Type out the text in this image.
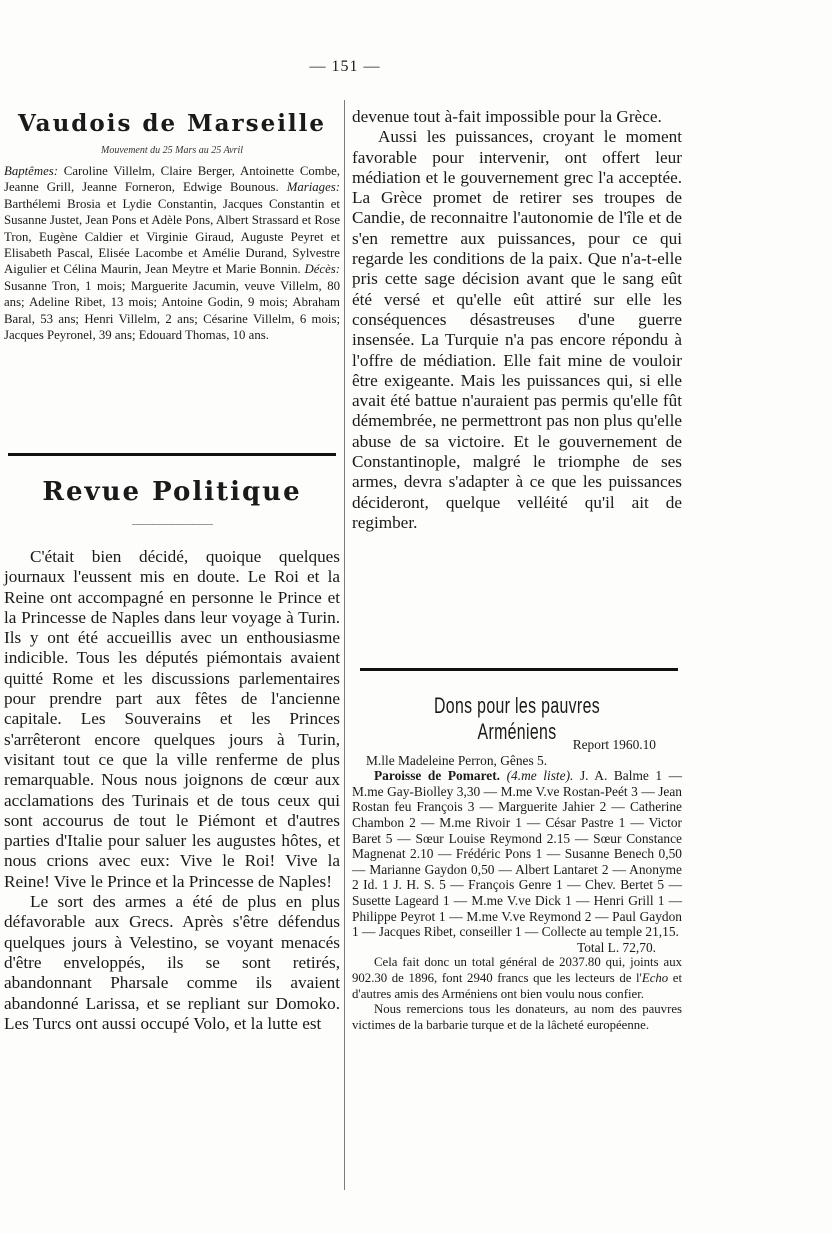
— 151 —
Vaudois de Marseille
Mouvement du 25 Mars au 25 Avril

Baptêmes: Caroline Villelm, Claire Berger, Antoinette Combe, Jeanne Grill, Jeanne Forneron, Edwige Bounous. Mariages: Barthélemi Brosia et Lydie Constantin, Jacques Constantin et Susanne Justet, Jean Pons et Adèle Pons, Albert Strassard et Rose Tron, Eugène Caldier et Virginie Giraud, Auguste Peyret et Elisabeth Pascal, Elisée Lacombe et Amélie Durand, Sylvestre Aigulier et Célina Maurin, Jean Meytre et Marie Bonnin. Décès: Susanne Tron, 1 mois; Marguerite Jacumin, veuve Villelm, 80 ans; Adeline Ribet, 13 mois; Antoine Godin, 9 mois; Abraham Baral, 53 ans; Henri Villelm, 2 ans; Césarine Villelm, 6 mois; Jacques Peyronel, 39 ans; Edouard Thomas, 10 ans.

Revue Politique
————————

C'était bien décidé, quoique quelques journaux l'eussent mis en doute. Le Roi et la Reine ont accompagné en personne le Prince et la Princesse de Naples dans leur voyage à Turin. Ils y ont été accueillis avec un enthousiasme indicible. Tous les députés piémontais avaient quitté Rome et les discussions parlementaires pour prendre part aux fêtes de l'ancienne capitale. Les Souverains et les Princes s'arrêteront encore quelques jours à Turin, visitant tout ce que la ville renferme de plus remarquable. Nous nous joignons de cœur aux acclamations des Turinais et de tous ceux qui sont accourus de tout le Piémont et d'autres parties d'Italie pour saluer les augustes hôtes, et nous crions avec eux: Vive le Roi! Vive la Reine! Vive le Prince et la Princesse de Naples!

Le sort des armes a été de plus en plus défavorable aux Grecs. Après s'être défendus quelques jours à Velestino, se voyant menacés d'être enveloppés, ils se sont retirés, abandonnant Pharsale comme ils avaient abandonné Larissa, et se repliant sur Domoko. Les Turcs ont aussi occupé Volo, et la lutte est

devenue tout à-fait impossible pour la Grèce.

Aussi les puissances, croyant le moment favorable pour intervenir, ont offert leur médiation et le gouvernement grec l'a acceptée. La Grèce promet de retirer ses troupes de Candie, de reconnaitre l'autonomie de l'île et de s'en remettre aux puissances, pour ce qui regarde les conditions de la paix. Que n'a-t-elle pris cette sage décision avant que le sang eût été versé et qu'elle eût attiré sur elle les conséquences désastreuses d'une guerre insensée. La Turquie n'a pas encore répondu à l'offre de médiation. Elle fait mine de vouloir être exigeante. Mais les puissances qui, si elle avait été battue n'auraient pas permis qu'elle fût démembrée, ne permettront pas non plus qu'elle abuse de sa victoire. Et le gouvernement de Constantinople, malgré le triomphe de ses armes, devra s'adapter à ce que les puissances décideront, quelque velléité qu'il ait de regimber.

Dons pour les pauvres Arméniens
Report 1960.10
M.lle Madeleine Perron, Gênes 5.

Paroisse de Pomaret. (4.me liste). J. A. Balme 1 — M.me Gay-Biolley 3,30 — M.me V.ve Rostan-Peét 3 — Jean Rostan feu François 3 — Marguerite Jahier 2 — Catherine Chambon 2 — M.me Rivoir 1 — César Pastre 1 — Victor Baret 5 — Sœur Louise Reymond 2.15 — Sœur Constance Magnenat 2.10 — Frédéric Pons 1 — Susanne Benech 0,50 — Marianne Gaydon 0,50 — Albert Lantaret 2 — Anonyme 2 Id. 1 J. H. S. 5 — François Genre 1 — Chev. Bertet 5 — Susette Lageard 1 — M.me V.ve Dick 1 — Henri Grill 1 — Philippe Peyrot 1 — M.me V.ve Reymond 2 — Paul Gaydon 1 — Jacques Ribet, conseiller 1 — Collecte au temple 21,15.

Total L. 72,70.

Cela fait donc un total général de 2037.80 qui, joints aux 902.30 de 1896, font 2940 francs que les lecteurs de l'Echo et d'autres amis des Arméniens ont bien voulu nous confier.

Nous remercions tous les donateurs, au nom des pauvres victimes de la barbarie turque et de la lâcheté européenne.
